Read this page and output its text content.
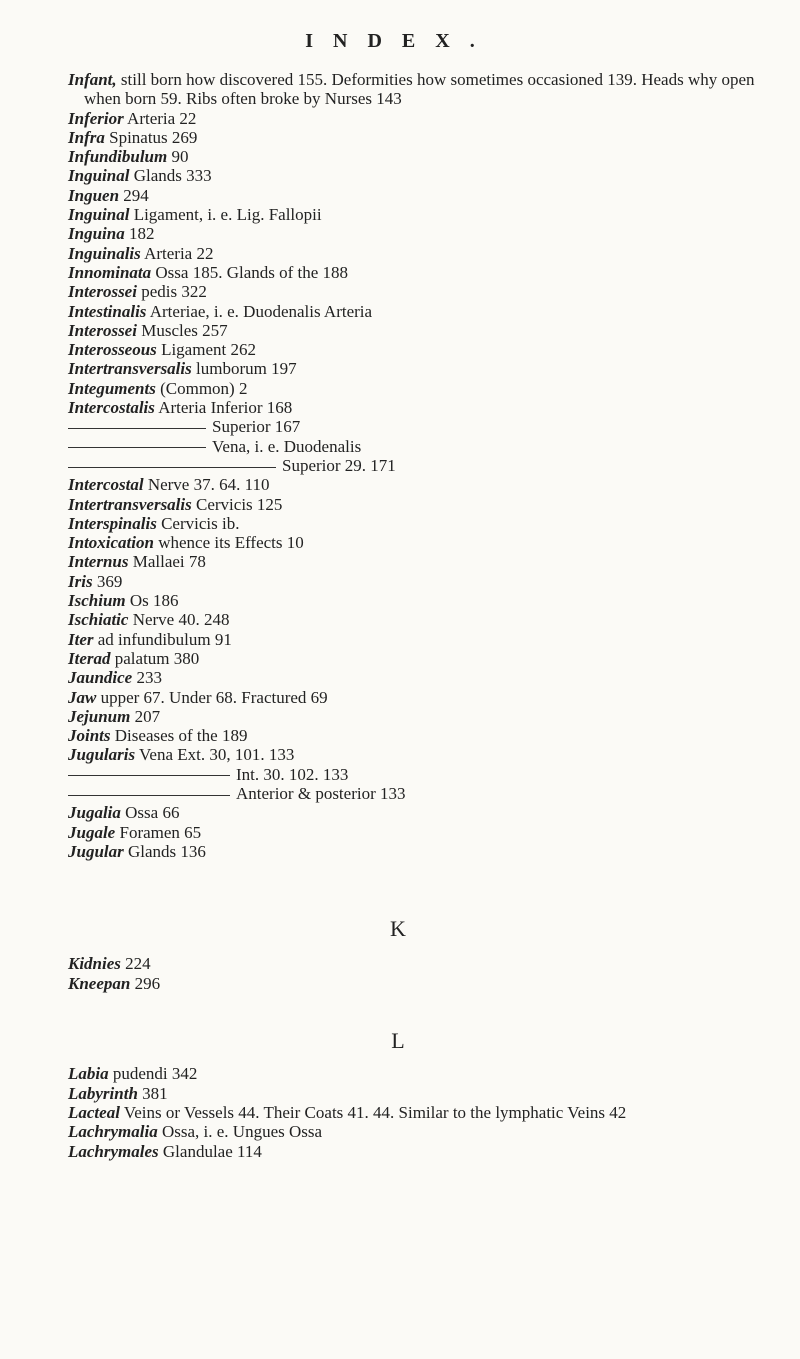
INDEX.
Infant, still born how discovered 155. Deformities how sometimes occasioned 139. Heads why open when born 59. Ribs often broke by Nurses 143
Inferior Arteria 22
Infra Spinatus 269
Infundibulum 90
Inguinal Glands 333
Inguen 294
Inguinal Ligament, i. e. Lig. Fallopii
Inguina 182
Inguinalis Arteria 22
Innominata Ossa 185. Glands of the 188
Interossei pedis 322
Intestinalis Arteriae, i. e. Duodenalis Arteria
Interossei Muscles 257
Interosseous Ligament 262
Intertransversalis lumborum 197
Integuments (Common) 2
Intercostalis Arteria Inferior 168
Superior 167
Vena, i. e. Duodenalis
Superior 29. 171
Intercostal Nerve 37. 64. 110
Intertransversalis Cervicis 125
Interspinalis Cervicis ib.
Intoxication whence its Effects 10
Internus Mallaei 78
Iris 369
Ischium Os 186
Ischiatic Nerve 40. 248
Iter ad infundibulum 91
Iterad palatum 380
Jaundice 233
Jaw upper 67. Under 68. Fractured 69
Jejunum 207
Joints Diseases of the 189
Jugularis Vena Ext. 30, 101. 133
Int. 30. 102. 133
Anterior & posterior 133
Jugalia Ossa 66
Jugale Foramen 65
Jugular Glands 136
K
Kidnies 224
Kneepan 296
L
Labia pudendi 342
Labyrinth 381
Lacteal Veins or Vessels 44. Their Coats 41. 44. Similar to the lymphatic Veins 42
Lachrymalia Ossa, i. e. Ungues Ossa
Lachrymales Glandulae 114
